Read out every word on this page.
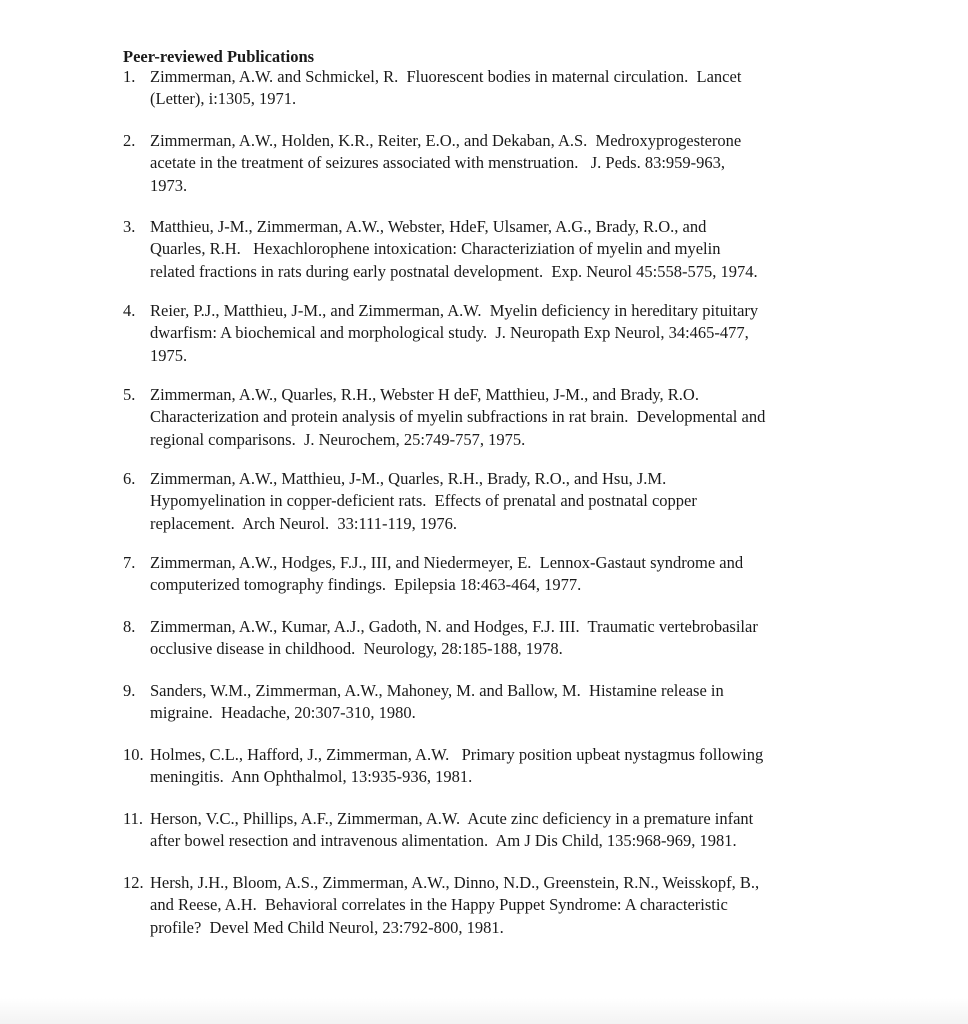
Peer-reviewed Publications
1. Zimmerman, A.W. and Schmickel, R.  Fluorescent bodies in maternal circulation.  Lancet
(Letter), i:1305, 1971.
2. Zimmerman, A.W., Holden, K.R., Reiter, E.O., and Dekaban, A.S.  Medroxyprogesterone
acetate in the treatment of seizures associated with menstruation.   J. Peds. 83:959-963,
1973.
3. Matthieu, J-M., Zimmerman, A.W., Webster, HdeF, Ulsamer, A.G., Brady, R.O., and
Quarles, R.H.   Hexachlorophene intoxication: Characteriziation of myelin and myelin
related fractions in rats during early postnatal development.  Exp. Neurol 45:558-575, 1974.
4. Reier, P.J., Matthieu, J-M., and Zimmerman, A.W.  Myelin deficiency in hereditary pituitary
dwarfism: A biochemical and morphological study.  J. Neuropath Exp Neurol, 34:465-477,
1975.
5. Zimmerman, A.W., Quarles, R.H., Webster H deF, Matthieu, J-M., and Brady, R.O.
Characterization and protein analysis of myelin subfractions in rat brain.  Developmental and
regional comparisons.  J. Neurochem, 25:749-757, 1975.
6. Zimmerman, A.W., Matthieu, J-M., Quarles, R.H., Brady, R.O., and Hsu, J.M.
Hypomyelination in copper-deficient rats.  Effects of prenatal and postnatal copper
replacement.  Arch Neurol.  33:111-119, 1976.
7. Zimmerman, A.W., Hodges, F.J., III, and Niedermeyer, E.  Lennox-Gastaut syndrome and
computerized tomography findings.  Epilepsia 18:463-464, 1977.
8. Zimmerman, A.W., Kumar, A.J., Gadoth, N. and Hodges, F.J. III.  Traumatic vertebrobasilar
occlusive disease in childhood.  Neurology, 28:185-188, 1978.
9. Sanders, W.M., Zimmerman, A.W., Mahoney, M. and Ballow, M.  Histamine release in
migraine.  Headache, 20:307-310, 1980.
10. Holmes, C.L., Hafford, J., Zimmerman, A.W.   Primary position upbeat nystagmus following
meningitis.  Ann Ophthalmol, 13:935-936, 1981.
11. Herson, V.C., Phillips, A.F., Zimmerman, A.W.  Acute zinc deficiency in a premature infant
after bowel resection and intravenous alimentation.  Am J Dis Child, 135:968-969, 1981.
12. Hersh, J.H., Bloom, A.S., Zimmerman, A.W., Dinno, N.D., Greenstein, R.N., Weisskopf, B.,
and Reese, A.H.  Behavioral correlates in the Happy Puppet Syndrome: A characteristic
profile?  Devel Med Child Neurol, 23:792-800, 1981.
